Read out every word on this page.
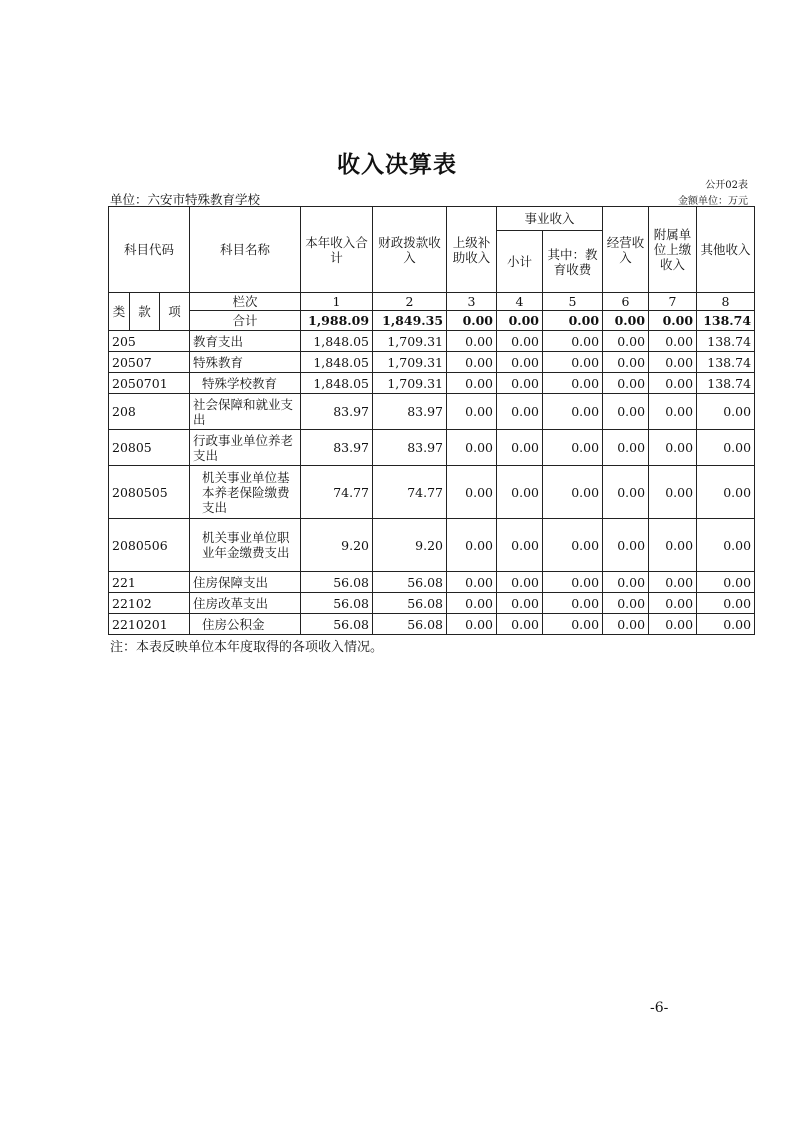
收入决算表
公开02表
单位：六安市特殊教育学校	金额单位：万元
科目代码			科目名称	本年收入合计	财政拨款收入	上级补助收入	事业收入		经营收入	附属单位上缴收入	其他收入
							小计	其中：教育收费			
类	款	项	栏次	1	2	3	4	5	6	7	8
			合计	1,988.09	1,849.35	0.00	0.00	0.00	0.00	0.00	138.74
205			教育支出	1,848.05	1,709.31	0.00	0.00	0.00	0.00	0.00	138.74
20507			特殊教育	1,848.05	1,709.31	0.00	0.00	0.00	0.00	0.00	138.74
2050701			特殊学校教育	1,848.05	1,709.31	0.00	0.00	0.00	0.00	0.00	138.74
208			社会保障和就业支出	83.97	83.97	0.00	0.00	0.00	0.00	0.00	0.00
20805			行政事业单位养老支出	83.97	83.97	0.00	0.00	0.00	0.00	0.00	0.00
2080505			机关事业单位基本养老保险缴费支出	74.77	74.77	0.00	0.00	0.00	0.00	0.00	0.00
2080506			机关事业单位职业年金缴费支出	9.20	9.20	0.00	0.00	0.00	0.00	0.00	0.00
221			住房保障支出	56.08	56.08	0.00	0.00	0.00	0.00	0.00	0.00
22102			住房改革支出	56.08	56.08	0.00	0.00	0.00	0.00	0.00	0.00
2210201			住房公积金	56.08	56.08	0.00	0.00	0.00	0.00	0.00	0.00
注：本表反映单位本年度取得的各项收入情况。
-6-
